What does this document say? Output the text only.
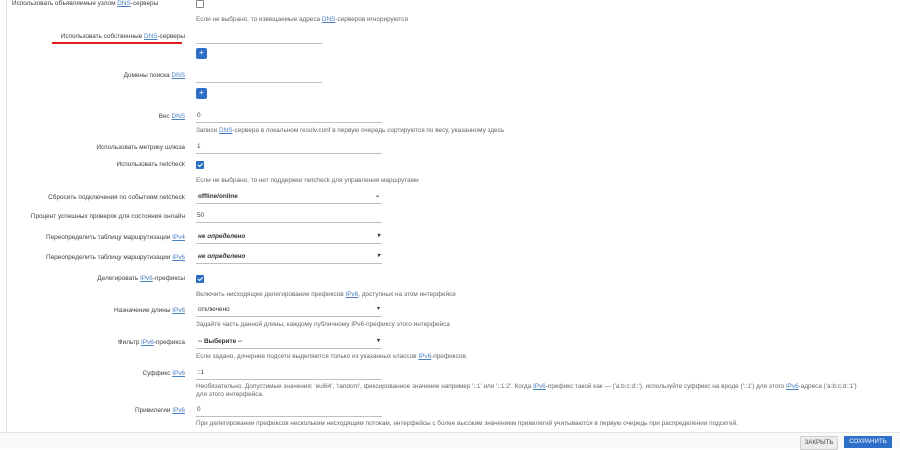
Использовать объявляемые узлом DNS-серверы
Если не выбрано, то извещаемые адреса DNS-серверов игнорируются
Использовать собственные DNS-серверы
+
Домены поиска DNS
+
Вес DNS 0
Записи DNS-сервера в локальном resolv.conf в первую очередь сортируются по весу, указанному здесь
Использовать метрику шлюза 1
Использовать netcheck
Если не выбрано, то нет поддержки netcheck для управления маршрутами
Сбросить подключения по событиям netcheck offline/online	⌄
Процент успешных проверок для состояния онлайн 50
Переопределить таблицу маршрутизации IPv4 не определено	▾
Переопределить таблицу маршрутизации IPv6 не определено	▾
Делегировать IPv6-префиксы
Включить нисходящее делегирование префиксов IPv6, доступных на этом интерфейсе
Назначение длины IPv6 отключено	▾
Задайте часть данной длины, каждому публичному IPv6-префиксу этого интерфейса
Фильтр IPv6-префикса -- Выберите --	▾
Если задано, дочерние подсети выделяются только из указанных классов IPv6-префиксов.
Суффикс IPv6 ::1
Необязательно. Допустимые значения: 'eui64', 'random', фиксированное значение например '::1' или '::1:2'. Когда IPv6-префикс такой как — ('a:b:c:d::'), используйте суффикс на вроде ('::1') для этого IPv6-адреса ('a:b:c:d::1')
для этого интерфейса.
Привилегии IPv6 0
При делегировании префиксов нескольким нисходящим потокам, интерфейсы с более высоким значением привилегий учитываются в первую очередь при распределении подсетей.
ЗАКРЫТЬ	СОХРАНИТЬ
